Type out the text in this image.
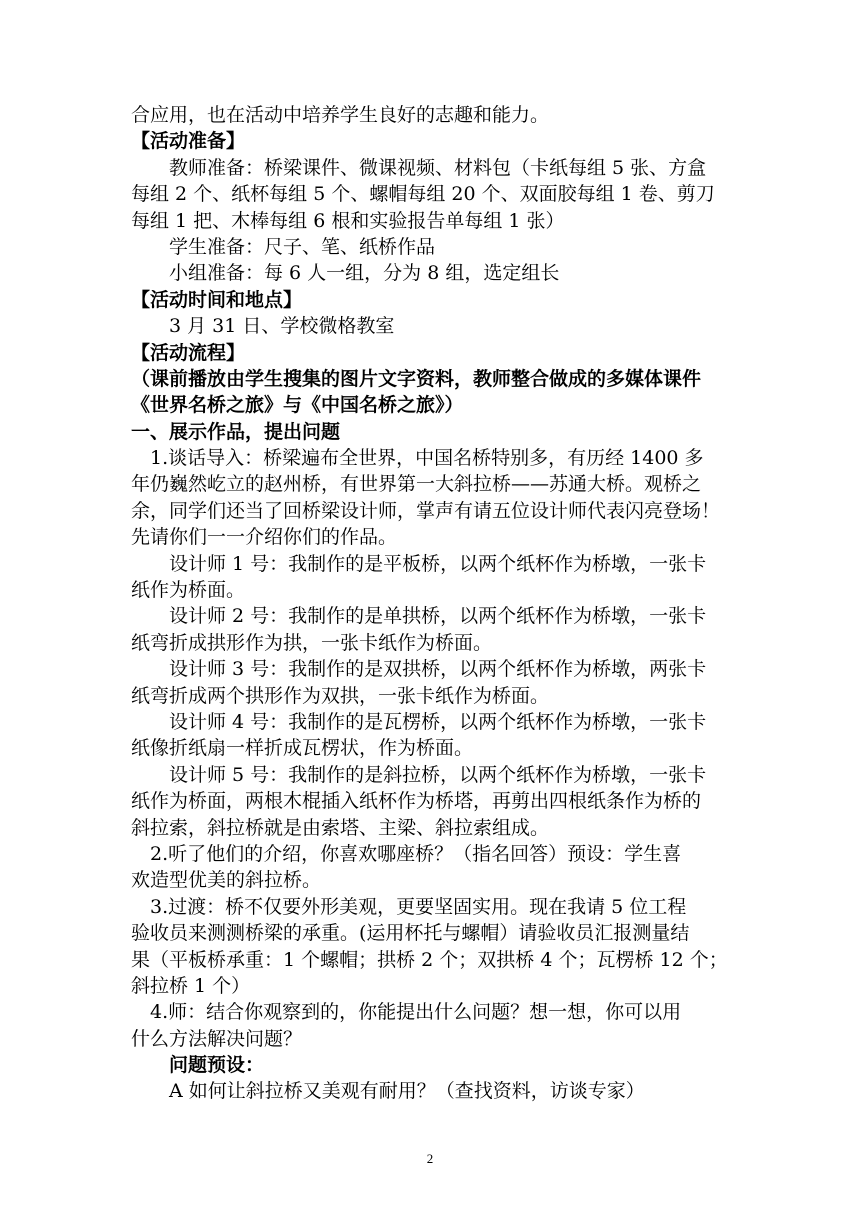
合应用，也在活动中培养学生良好的志趣和能力。
【活动准备】
教师准备：桥梁课件、微课视频、材料包（卡纸每组 5 张、方盒
每组 2 个、纸杯每组 5 个、螺帽每组 20 个、双面胶每组 1 卷、剪刀
每组 1 把、木棒每组 6 根和实验报告单每组 1 张）
学生准备：尺子、笔、纸桥作品
小组准备：每 6 人一组，分为 8 组，选定组长
【活动时间和地点】
3 月 31 日、学校微格教室
【活动流程】
（课前播放由学生搜集的图片文字资料，教师整合做成的多媒体课件
《世界名桥之旅》与《中国名桥之旅》）
一、展示作品，提出问题
1.谈话导入：桥梁遍布全世界，中国名桥特别多，有历经 1400 多
年仍巍然屹立的赵州桥，有世界第一大斜拉桥——苏通大桥。观桥之
余，同学们还当了回桥梁设计师，掌声有请五位设计师代表闪亮登场！
先请你们一一介绍你们的作品。
设计师 1 号：我制作的是平板桥，以两个纸杯作为桥墩，一张卡
纸作为桥面。
设计师 2 号：我制作的是单拱桥，以两个纸杯作为桥墩，一张卡
纸弯折成拱形作为拱，一张卡纸作为桥面。
设计师 3 号：我制作的是双拱桥，以两个纸杯作为桥墩，两张卡
纸弯折成两个拱形作为双拱，一张卡纸作为桥面。
设计师 4 号：我制作的是瓦楞桥，以两个纸杯作为桥墩，一张卡
纸像折纸扇一样折成瓦楞状，作为桥面。
设计师 5 号：我制作的是斜拉桥，以两个纸杯作为桥墩，一张卡
纸作为桥面，两根木棍插入纸杯作为桥塔，再剪出四根纸条作为桥的
斜拉索，斜拉桥就是由索塔、主梁、斜拉索组成。
2.听了他们的介绍，你喜欢哪座桥？（指名回答）预设：学生喜
欢造型优美的斜拉桥。
3.过渡：桥不仅要外形美观，更要坚固实用。现在我请 5 位工程
验收员来测测桥梁的承重。(运用杯托与螺帽）请验收员汇报测量结
果（平板桥承重：1 个螺帽；拱桥 2 个；双拱桥 4 个；瓦楞桥 12 个；
斜拉桥 1 个）
4.师：结合你观察到的，你能提出什么问题？想一想，你可以用
什么方法解决问题？
问题预设：
A 如何让斜拉桥又美观有耐用？（查找资料，访谈专家）
2
